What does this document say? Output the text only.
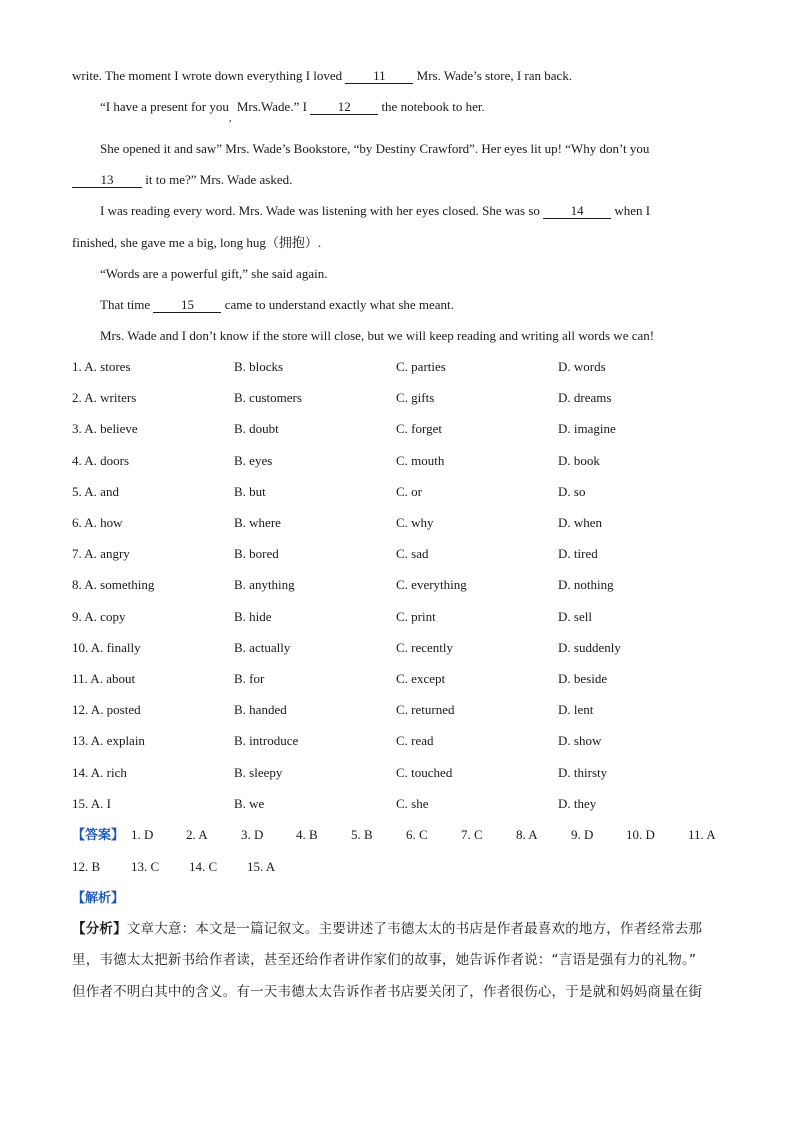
write. The moment I wrote down everything I loved 11 Mrs. Wade’s store, I ran back.
“I have a present for you$_,$ Mrs.Wade.” I 12 the notebook to her.
She opened it and saw” Mrs. Wade’s Bookstore, “by Destiny Crawford”. Her eyes lit up! “Why don’t you
13 it to me?” Mrs. Wade asked.
I was reading every word. Mrs. Wade was listening with her eyes closed. She was so 14 when I
finished, she gave me a big, long hug（拥抱）.
“Words are a powerful gift,” she said again.
That time 15 came to understand exactly what she meant.
Mrs. Wade and I don’t know if the store will close, but we will keep reading and writing all words we can!
1. A. stores	B. blocks	C. parties	D. words
2. A. writers	B. customers	C. gifts	D. dreams
3. A. believe	B. doubt	C. forget	D. imagine
4. A. doors	B. eyes	C. mouth	D. book
5. A. and	B. but	C. or	D. so
6. A. how	B. where	C. why	D. when
7. A. angry	B. bored	C. sad	D. tired
8. A. something	B. anything	C. everything	D. nothing
9. A. copy	B. hide	C. print	D. sell
10. A. finally	B. actually	C. recently	D. suddenly
11. A. about	B. for	C. except	D. beside
12. A. posted	B. handed	C. returned	D. lent
13. A. explain	B. introduce	C. read	D. show
14. A. rich	B. sleepy	C. touched	D. thirsty
15. A. I	B. we	C. she	D. they
【答案】 1. D	2. A	3. D	4. B	5. B	6. C	7. C	8. A	9. D	10. D	11. A
12. B 13. C 14. C 15. A
【解析】
【分析】文章大意：本文是一篇记叙文。主要讲述了韦德太太的书店是作者最喜欢的地方，作者经常去那
里，韦德太太把新书给作者读，甚至还给作者讲作家们的故事，她告诉作者说：“言语是强有力的礼物。”
但作者不明白其中的含义。有一天韦德太太告诉作者书店要关闭了，作者很伤心，于是就和妈妈商量在街
